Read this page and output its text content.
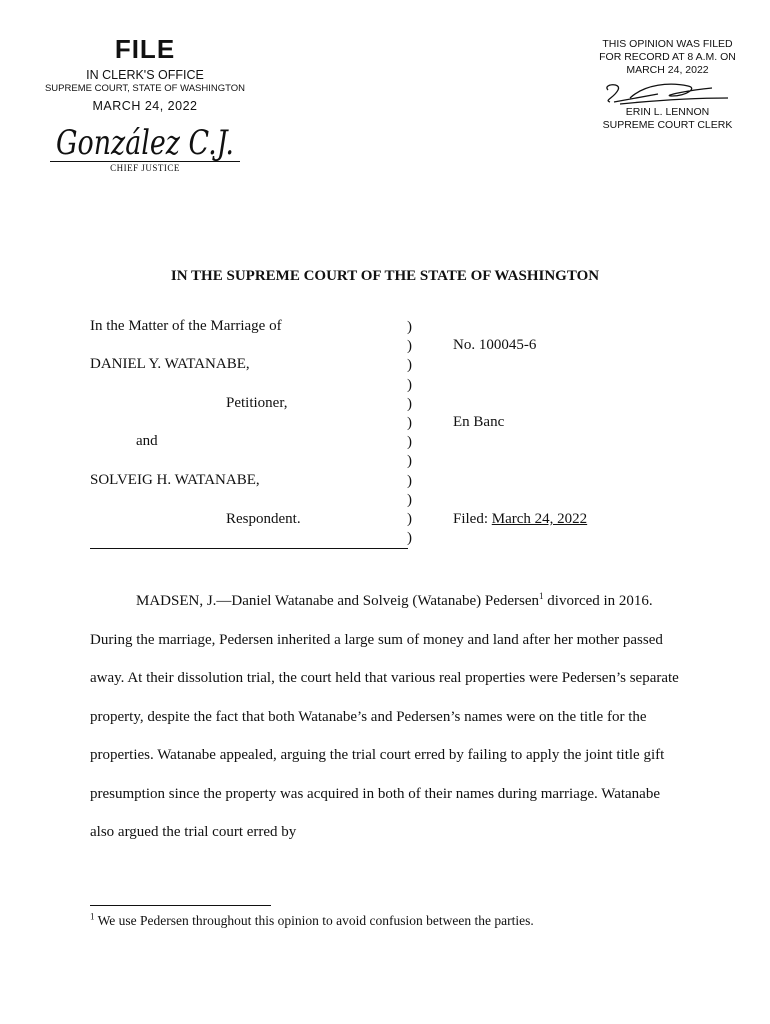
FILE
IN CLERK'S OFFICE
SUPREME COURT, STATE OF WASHINGTON
MARCH 24, 2022
González C.J.
CHIEF JUSTICE
THIS OPINION WAS FILED
FOR RECORD AT 8 A.M. ON
MARCH 24, 2022
ERIN L. LENNON
SUPREME COURT CLERK
IN THE SUPREME COURT OF THE STATE OF WASHINGTON
In the Matter of the Marriage of
DANIEL Y. WATANABE,
Petitioner,
and
SOLVEIG H. WATANABE,
Respondent.
)
)
)
)
)
)
)
)
)
)
)
)
No. 100045-6
En Banc
Filed: March 24, 2022

MADSEN, J.—Daniel Watanabe and Solveig (Watanabe) Pedersen$^1$ divorced in 2016. During the marriage, Pedersen inherited a large sum of money and land after her mother passed away. At their dissolution trial, the court held that various real properties were Pedersen’s separate property, despite the fact that both Watanabe’s and Pedersen’s names were on the title for the properties. Watanabe appealed, arguing the trial court erred by failing to apply the joint title gift presumption since the property was acquired in both of their names during marriage. Watanabe also argued the trial court erred by

$^1$ We use Pedersen throughout this opinion to avoid confusion between the parties.
